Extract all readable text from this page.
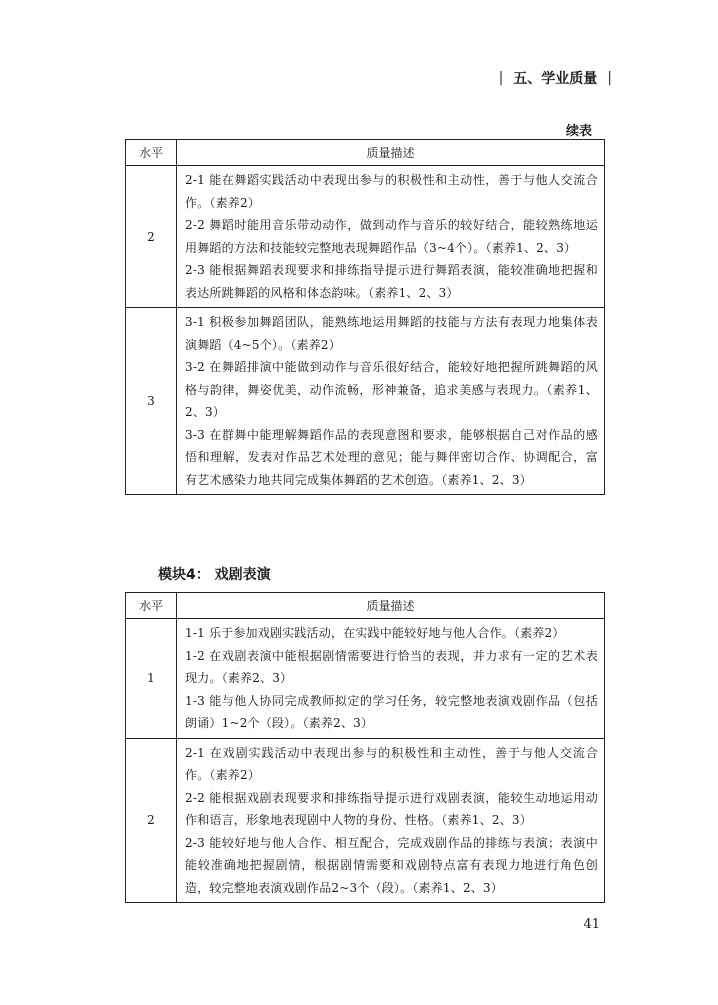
| 五、学业质量 |
续表
水平	质量描述
2	2-1 能在舞蹈实践活动中表现出参与的积极性和主动性，善于与他人交流合作。（素养2）

2-2 舞蹈时能用音乐带动动作，做到动作与音乐的较好结合，能较熟练地运用舞蹈的方法和技能较完整地表现舞蹈作品（3~4个）。（素养1、2、3）

2-3 能根据舞蹈表现要求和排练指导提示进行舞蹈表演，能较准确地把握和表达所跳舞蹈的风格和体态韵味。（素养1、2、3）

3	3-1 积极参加舞蹈团队，能熟练地运用舞蹈的技能与方法有表现力地集体表演舞蹈（4~5个）。（素养2）

3-2 在舞蹈排演中能做到动作与音乐很好结合，能较好地把握所跳舞蹈的风格与韵律，舞姿优美，动作流畅，形神兼备，追求美感与表现力。（素养1、2、3）

3-3 在群舞中能理解舞蹈作品的表现意图和要求，能够根据自己对作品的感悟和理解，发表对作品艺术处理的意见；能与舞伴密切合作、协调配合，富有艺术感染力地共同完成集体舞蹈的艺术创造。（素养1、2、3）

模块4： 戏剧表演
水平	质量描述
1	1-1 乐于参加戏剧实践活动，在实践中能较好地与他人合作。（素养2）

1-2 在戏剧表演中能根据剧情需要进行恰当的表现，并力求有一定的艺术表现力。（素养2、3）

1-3 能与他人协同完成教师拟定的学习任务，较完整地表演戏剧作品（包括朗诵）1~2个（段）。（素养2、3）

2	2-1 在戏剧实践活动中表现出参与的积极性和主动性，善于与他人交流合作。（素养2）

2-2 能根据戏剧表现要求和排练指导提示进行戏剧表演，能较生动地运用动作和语言，形象地表现剧中人物的身份、性格。（素养1、2、3）

2-3 能较好地与他人合作、相互配合，完成戏剧作品的排练与表演；表演中能较准确地把握剧情，根据剧情需要和戏剧特点富有表现力地进行角色创造，较完整地表演戏剧作品2~3个（段）。（素养1、2、3）

41
